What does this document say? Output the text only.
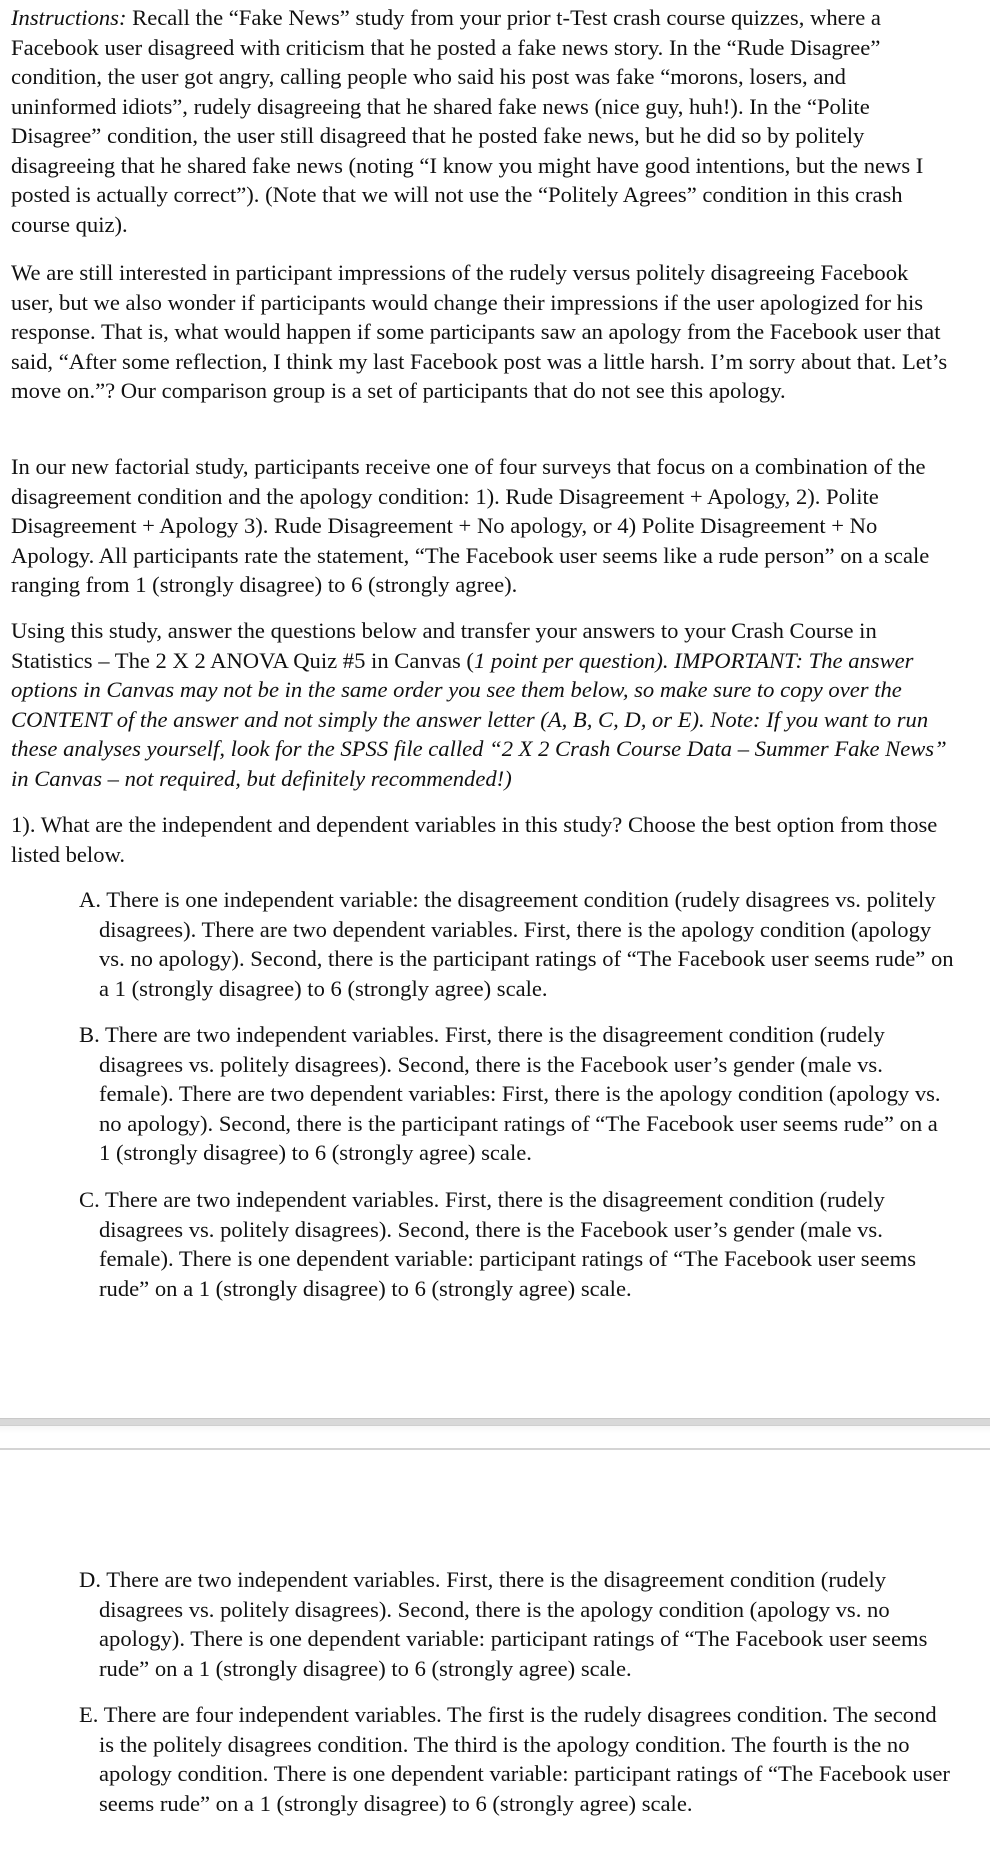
Instructions: Recall the “Fake News” study from your prior t-Test crash course quizzes, where a Facebook user disagreed with criticism that he posted a fake news story. In the “Rude Disagree” condition, the user got angry, calling people who said his post was fake “morons, losers, and uninformed idiots”, rudely disagreeing that he shared fake news (nice guy, huh!). In the “Polite Disagree” condition, the user still disagreed that he posted fake news, but he did so by politely disagreeing that he shared fake news (noting “I know you might have good intentions, but the news I posted is actually correct”). (Note that we will not use the “Politely Agrees” condition in this crash course quiz).

We are still interested in participant impressions of the rudely versus politely disagreeing Facebook user, but we also wonder if participants would change their impressions if the user apologized for his response. That is, what would happen if some participants saw an apology from the Facebook user that said, “After some reflection, I think my last Facebook post was a little harsh. I’m sorry about that. Let’s move on.”? Our comparison group is a set of participants that do not see this apology.

In our new factorial study, participants receive one of four surveys that focus on a combination of the disagreement condition and the apology condition: 1). Rude Disagreement + Apology, 2). Polite Disagreement + Apology 3). Rude Disagreement + No apology, or 4) Polite Disagreement + No Apology. All participants rate the statement, “The Facebook user seems like a rude person” on a scale ranging from 1 (strongly disagree) to 6 (strongly agree).

Using this study, answer the questions below and transfer your answers to your Crash Course in Statistics – The 2 X 2 ANOVA Quiz #5 in Canvas (1 point per question). IMPORTANT: The answer options in Canvas may not be in the same order you see them below, so make sure to copy over the CONTENT of the answer and not simply the answer letter (A, B, C, D, or E). Note: If you want to run these analyses yourself, look for the SPSS file called “2 X 2 Crash Course Data – Summer Fake News” in Canvas – not required, but definitely recommended!)

1). What are the independent and dependent variables in this study? Choose the best option from those listed below.

A. There is one independent variable: the disagreement condition (rudely disagrees vs. politely disagrees). There are two dependent variables. First, there is the apology condition (apology vs. no apology). Second, there is the participant ratings of “The Facebook user seems rude” on a 1 (strongly disagree) to 6 (strongly agree) scale.

B. There are two independent variables. First, there is the disagreement condition (rudely disagrees vs. politely disagrees). Second, there is the Facebook user’s gender (male vs. female). There are two dependent variables: First, there is the apology condition (apology vs. no apology). Second, there is the participant ratings of “The Facebook user seems rude” on a 1 (strongly disagree) to 6 (strongly agree) scale.

C. There are two independent variables. First, there is the disagreement condition (rudely disagrees vs. politely disagrees). Second, there is the Facebook user’s gender (male vs. female). There is one dependent variable: participant ratings of “The Facebook user seems rude” on a 1 (strongly disagree) to 6 (strongly agree) scale.

D. There are two independent variables. First, there is the disagreement condition (rudely disagrees vs. politely disagrees). Second, there is the apology condition (apology vs. no apology). There is one dependent variable: participant ratings of “The Facebook user seems rude” on a 1 (strongly disagree) to 6 (strongly agree) scale.

E. There are four independent variables. The first is the rudely disagrees condition. The second is the politely disagrees condition. The third is the apology condition. The fourth is the no apology condition. There is one dependent variable: participant ratings of “The Facebook user seems rude” on a 1 (strongly disagree) to 6 (strongly agree) scale.
